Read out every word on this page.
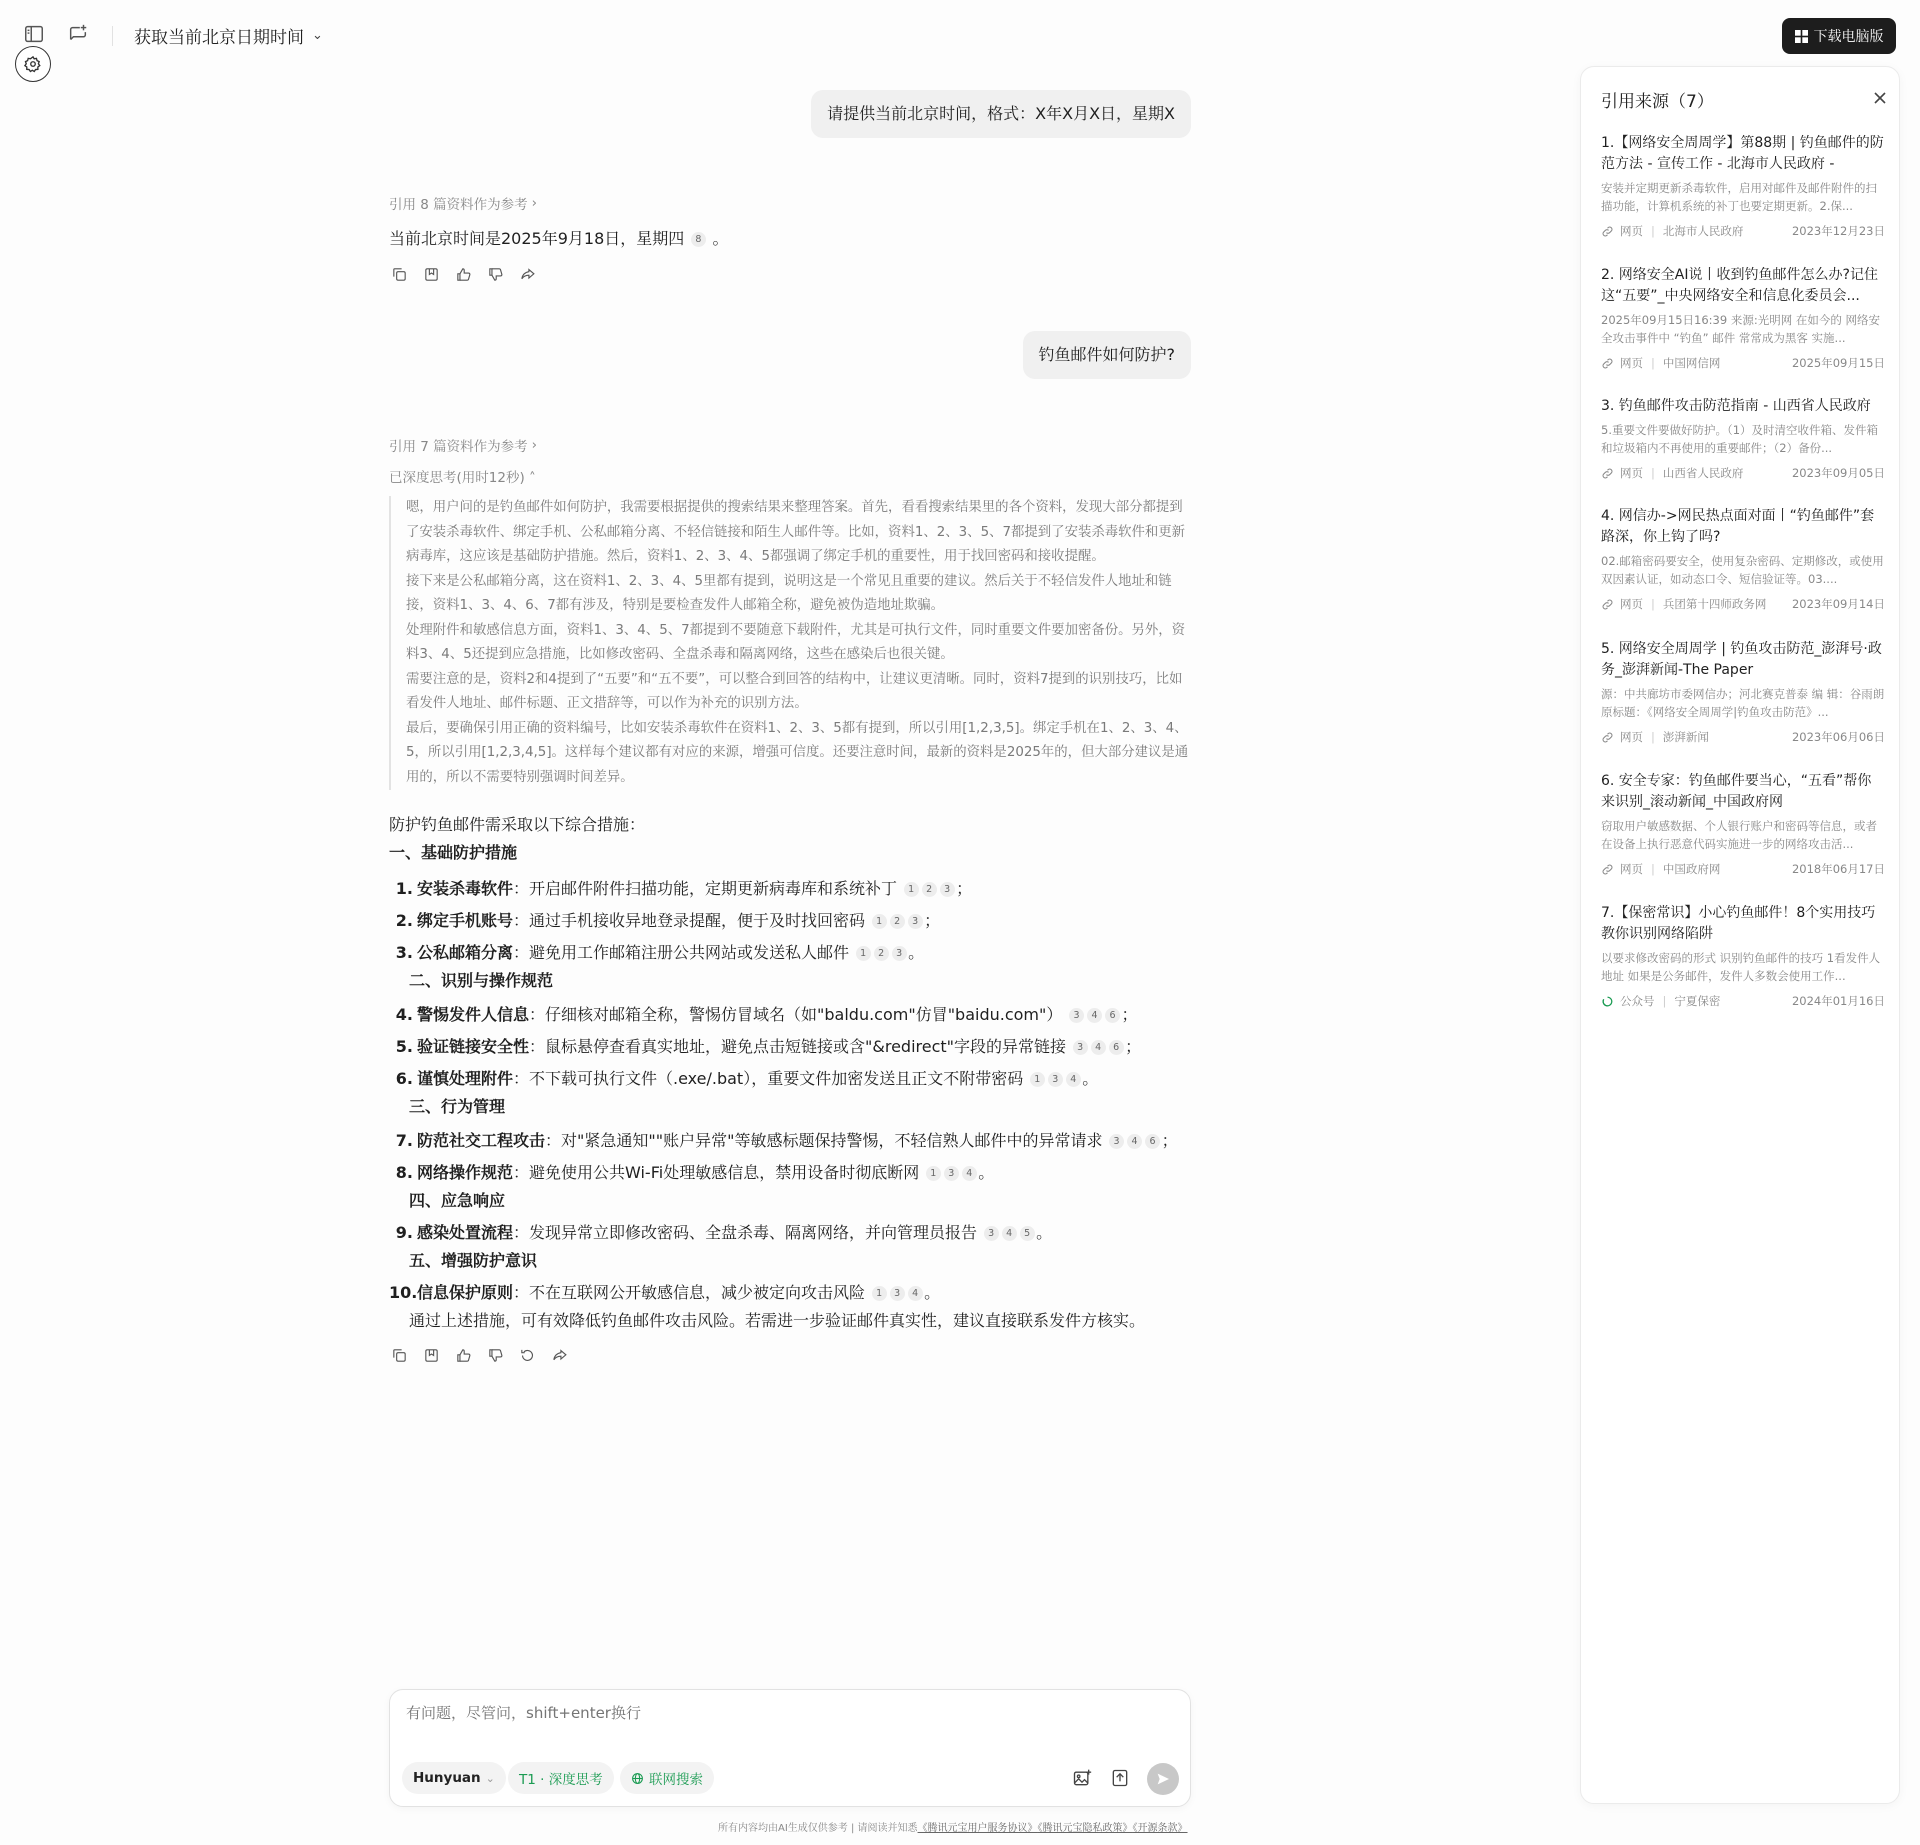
获取当前北京日期时间 ⌄	下载电脑版
请提供当前北京时间，格式：X年X月X日，星期X
引用 8 篇资料作为参考 ›
当前北京时间是2025年9月18日，星期四 8 。
钓鱼邮件如何防护?
引用 7 篇资料作为参考 ›
已深度思考(用时12秒) ˄

嗯，用户问的是钓鱼邮件如何防护，我需要根据提供的搜索结果来整理答案。首先，看看搜索结果里的各个资料，发现大部分都提到了安装杀毒软件、绑定手机、公私邮箱分离、不轻信链接和陌生人邮件等。比如，资料1、2、3、5、7都提到了安装杀毒软件和更新病毒库，这应该是基础防护措施。然后，资料1、2、3、4、5都强调了绑定手机的重要性，用于找回密码和接收提醒。

接下来是公私邮箱分离，这在资料1、2、3、4、5里都有提到，说明这是一个常见且重要的建议。然后关于不轻信发件人地址和链接，资料1、3、4、6、7都有涉及，特别是要检查发件人邮箱全称，避免被伪造地址欺骗。

处理附件和敏感信息方面，资料1、3、4、5、7都提到不要随意下载附件，尤其是可执行文件，同时重要文件要加密备份。另外，资料3、4、5还提到应急措施，比如修改密码、全盘杀毒和隔离网络，这些在感染后也很关键。

需要注意的是，资料2和4提到了“五要”和“五不要”，可以整合到回答的结构中，让建议更清晰。同时，资料7提到的识别技巧，比如看发件人地址、邮件标题、正文措辞等，可以作为补充的识别方法。

最后，要确保引用正确的资料编号，比如安装杀毒软件在资料1、2、3、5都有提到，所以引用[1,2,3,5]。绑定手机在1、2、3、4、5，所以引用[1,2,3,4,5]。这样每个建议都有对应的来源，增强可信度。还要注意时间，最新的资料是2025年的，但大部分建议是通用的，所以不需要特别强调时间差异。

防护钓鱼邮件需采取以下综合措施：
一、基础防护措施
1. 安装杀毒软件：开启邮件附件扫描功能，定期更新病毒库和系统补丁 1 2 3 ；
2. 绑定手机账号：通过手机接收异地登录提醒，便于及时找回密码 1 2 3 ；
3. 公私邮箱分离：避免用工作邮箱注册公共网站或发送私人邮件 1 2 3 。
二、识别与操作规范
4. 警惕发件人信息：仔细核对邮箱全称，警惕仿冒域名（如"baldu.com"仿冒"baidu.com"） 3 4 6 ；
5. 验证链接安全性：鼠标悬停查看真实地址，避免点击短链接或含"&redirect"字段的异常链接 3 4 6 ；
6. 谨慎处理附件：不下载可执行文件（.exe/.bat），重要文件加密发送且正文不附带密码 1 3 4 。
三、行为管理
7. 防范社交工程攻击：对"紧急通知""账户异常"等敏感标题保持警惕，不轻信熟人邮件中的异常请求 3 4 6 ；
8. 网络操作规范：避免使用公共Wi-Fi处理敏感信息，禁用设备时彻底断网 1 3 4 。
四、应急响应
9. 感染处置流程：发现异常立即修改密码、全盘杀毒、隔离网络，并向管理员报告 3 4 5 。
五、增强防护意识
10.信息保护原则：不在互联网公开敏感信息，减少被定向攻击风险 1 3 4 。
通过上述措施，可有效降低钓鱼邮件攻击风险。若需进一步验证邮件真实性，建议直接联系发件方核实。
有问题，尽管问，shift+enter换行
Hunyuan ⌄ T1 · 深度思考	联网搜索
所有内容均由AI生成仅供参考 | 请阅读并知悉《腾讯元宝用户服务协议》《腾讯元宝隐私政策》《开源条款》
引用来源（7）
1.【网络安全周周学】第88期 | 钓鱼邮件的防范方法 - 宣传工作 - 北海市人民政府 -
安装并定期更新杀毒软件，启用对邮件及邮件附件的扫描功能，计算机系统的补丁也要定期更新。2.保...
网页 | 北海市人民政府	2023年12月23日
2. 网络安全AI说丨收到钓鱼邮件怎么办?记住这“五要”_中央网络安全和信息化委员会...
2025年09月15日16:39 来源:光明网 在如今的 网络安全攻击事件中 “钓鱼” 邮件 常常成为黑客 实施...
网页 | 中国网信网	2025年09月15日
3. 钓鱼邮件攻击防范指南 - 山西省人民政府
5.重要文件要做好防护。（1）及时清空收件箱、发件箱和垃圾箱内不再使用的重要邮件；（2）备份...
网页 | 山西省人民政府	2023年09月05日
4. 网信办->网民热点面对面丨“钓鱼邮件”套路深，你上钩了吗?
02.邮箱密码要安全，使用复杂密码、定期修改，或使用双因素认证，如动态口令、短信验证等。03....
网页 | 兵团第十四师政务网 2023年09月14日
5. 网络安全周周学 | 钓鱼攻击防范_澎湃号·政务_澎湃新闻-The Paper
源：中共廊坊市委网信办；河北赛克普泰 编 辑：谷雨朗 原标题：《网络安全周周学|钓鱼攻击防范》...
网页 | 澎湃新闻	2023年06月06日
6. 安全专家：钓鱼邮件要当心，“五看”帮你来识别_滚动新闻_中国政府网
窃取用户敏感数据、个人银行账户和密码等信息，或者在设备上执行恶意代码实施进一步的网络攻击活...
网页 | 中国政府网	2018年06月17日
7.【保密常识】小心钓鱼邮件！8个实用技巧教你识别网络陷阱
以要求修改密码的形式 识别钓鱼邮件的技巧 1看发件人地址 如果是公务邮件，发件人多数会使用工作...
公众号 | 宁夏保密	2024年01月16日
